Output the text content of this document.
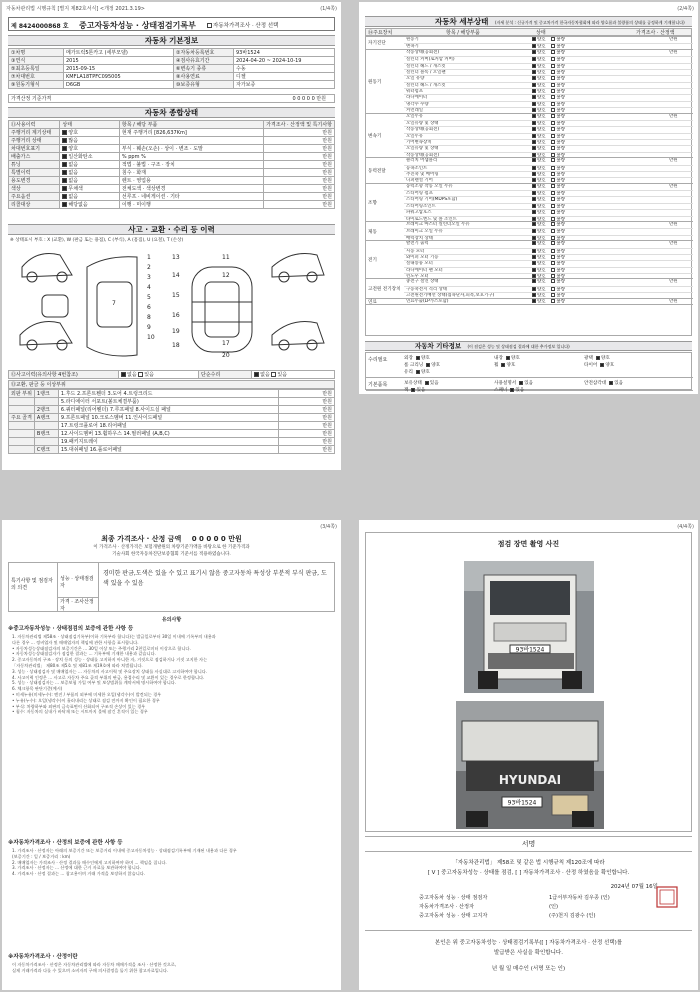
자동차관리법 시행규칙 [별지 제82호서식] <개정 2021.3.19>	(1/4쪽)
제 8424000868 호 중고자동차성능 · 상태점검기록부	자동차가격조사 · 산정 선택
자동차 기본정보
①차명	메가트럭5톤카고 (세부모델)	②자동차등록번호	93바1524
③연식	2015	④검사유효기간	2024-04-20 ~ 2024-10-19
⑤최초등록일	2015-09-15	⑥변속기 종류	수동
⑦차대번호	KMFLA18TPFC095005	⑧사용연료	디젤
⑨원동기형식	D6GB	⑩보증유형	자가보증
가격산정 기준가격	0 0 0 0 0 만원
자동차 종합상태
⑪사용이력	상태	항목 / 해당 부품	가격조사 · 산정액 및 특기사항
주행거리 계기상태	양호	현재 주행거리 [826,637Km]	만원
주행거리 상태	많음		만원
차대번호표기	양호	부식 · 훼손(오손) · 상이 · 변조 · 도말	만원
배출가스	일산화탄소	% ppm %	만원
튜닝	없음	적법 · 불법 · 구조 · 장치	만원
특별이력	없음	침수 · 화재	만원
용도변경	없음	렌트 · 영업용	만원
색상	무채색	전체도색 · 색상변경	만원
주요옵션	없음	선루프 · 네비게이션 · 기타	만원
리콜대상	해당없음	이행 · 미이행	만원
사고 · 교환 · 수리 등 이력
※ 상태표시 부호 : X (교환), W (판금 또는 용접), C (부식), A (흠집), U (요철), T (손상)
1
2
3
4
5
6
7
8
9
10
11
12
13
14
15
16
17
18
19
20
⑫사고이력(유의사항 4번참조)	없음 있음	단순수리	없음 있음
⑬교환, 판금 등 이상부위
외판 부위	1랭크	1.후드 2.프론트휀더 3.도어 4.트렁크리드	만원
		5.라디에이터 서포트(볼트체결부품)	만원
	2랭크	6.쿼터패널(리어휀더) 7.루프패널 8.사이드실 패널	만원
주요 골격	A랭크	9.프론트패널 10.크로스멤버 11.인사이드패널	만원
		17.트렁크플로어 18.리어패널	만원
	B랭크	12.사이드멤버 13.휠하우스 14.필러패널 (A,B,C)	만원
		19.패키지트레이	만원
	C랭크	15.대쉬패널 16.플로어패널	만원
(2/4쪽)
자동차 세부상태 (자세 분석 : 신규가격 및 중고차가격 한국자동차협회에 따라 양호품과 불량품의 상태를 공정하게 기재합니다)
⑭주요장치	항목 / 해당부품	상태	가격조사 · 산정액
자기진단
원동기	양호	불량	만원
변속기	양호	불량
원동기
작동상태(공회전)	양호	불량	만원
실린더 커버(로커암 커버)	양호	불량
실린더 헤드 / 개스킷	양호	불량
실린더 블록 / 오일팬	양호	불량
오일 유량	양호	불량
실린더 헤드 / 개스킷	양호	불량
워터펌프	양호	불량
라디에이터	양호	불량
냉각수 수량	양호	불량
커먼레일	양호	불량
변속기
오일누유	양호	불량	만원
오일유량 및 상태	양호	불량
작동상태(공회전)	양호	불량
오일누유	양호	불량
기어변속장치	양호	불량
오일유량 및 상태	양호	불량
작동상태(공회전)	양호	불량
동력전달
클러치 어셈블리	양호	불량	만원
등속조인트	양호	불량
추진축 및 베어링	양호	불량
디퍼렌셜 기어	양호	불량
조향
동력조향 작동 오일 누유	양호	불량	만원
스티어링 펌프	양호	불량
스티어링 기어(MDPS포함)	양호	불량
스티어링조인트	양호	불량
파워고압호스	양호	불량
타이로드엔드 및 볼 조인트	양호	불량
제동
브레이크 마스터 실린더오일 누유	양호	불량	만원
브레이크 오일 누유	양호	불량
배력장치 상태	양호	불량
전기
발전기 출력	양호	불량	만원
시동 모터	양호	불량
와이퍼 모터 기능	양호	불량
실내송풍 모터	양호	불량
라디에이터 팬 모터	양호	불량
윈도우 모터	양호	불량
고전원 전기장치
충전구 절연 상태	양호	불량	만원
구동축전지 격리 상태	양호	불량
고전원전기배선 상태(접속단자,피복,보호기구)	양호	불량
연료	연료누출(LP가스포함)	양호	불량	만원
자동차 기타정보 (이 점검은 성능 및 상태점검 결과에 대한 추가정보 입니다)
수리필요	외장 양호	내장 양호	광택 양호
룸 크리닝 양호	휠 양호	타이어 양호
유리 양호
기본품목	보유상태 있음	사용설명서 있음	안전삼각대 있음
잭 있음	스패너 있음
(3/4쪽)
최종 가격조사 · 산정 금액 0 0 0 0 0 만원
이 가격조사 · 산정가격은 보험개발원의 차량기준가액을 바탕으로 한 기준가격과
기술사회 한국자동차진단보증협회 기준서를 적용하였습니다.
특기사항 및 점검자의 의견
성능 · 상태점검자
경미한 판금,도색은 있을 수 있고 표기시 않음 중고자동차 특성상 부분적 부식 판금, 도색 있을 수 있음
가격 · 조사산정자
유의사항
※중고자동차성능 · 상태점검의 보증에 관한 사항 등
1. 자동차관리법 제58조 · 상태점검기록부(이하 기록부라 합니다)는 발급일로부터 30일 이내에 기록부의 내용과
다른 경우 ... 정비업자 및 매매업자의 책임에 관한 사항을 표시합니다.
• 자동차성능상태점검자의 보증기간은 ... 30일 이상 또는 주행거리 2천킬로미터 이상으로 합니다.
• 자동차성능상태점검자가 점검한 결과는 ... 기록부에 기재한 내용과 같습니다.
2. 중고자동차의 구조 · 장치 등의 성능 · 상태를 고지하지 아니한 자, 거짓으로 점검하거나 거짓 고지한 자는
「자동차관리법」 제80조 제5호 및 제81조 제19호에 따라 처벌됩니다.
3. 성능 · 상태점검자 및 매매업자는 ... 자동차의 사고이력 및 주요장치 상태를 사실대로 고지하여야 합니다.
4. 사고이력 인정은 ... 사고로 자동차 주요 골격 부위의 판금, 용접수리 및 교환이 있는 경우로 한정합니다.
5. 성능 · 상태점검자는 ... 보증보험 가입 여부 및 보상범위를 계약서에 명시하여야 합니다.
6. 체크항목 판단기준(예시)
• 미세누유(미세누수): 엔진 / 부품의 외부에 미세한 오일(냉각수)이 발견되는 경우
• 누유(누수): 오일(냉각수)이 흘러내리는 상태로 점검 전까지 확인이 필요한 경우
• 부식: 차량하부와 외판의 금속표면이 산화되어 구조적 손상이 있는 경우
• 침수: 자동차의 실내가 바닥재 또는 시트까지 물에 잠긴 흔적이 있는 경우
※자동차가격조사 · 산정의 보증에 관한 사항 등
1. 가격조사 · 산정자는 아래의 보증기간 또는 보증거리 이내에 중고자동차성능 · 상태점검기록부에 기재된 내용과 다른 경우
(보증기간 : 일 / 보증거리 : km)
2. 매매업자는 가격조사 · 산정 결과를 매수인에게 고지하여야 하며 ... 책임을 집니다.
3. 가격조사 · 산정자는 ... 산정에 대한 근거 자료를 보관하여야 합니다.
4. 가격조사 · 산정 결과는 ... 참고용이며 거래 가격을 보장하지 않습니다.
※자동차가격조사 · 산정이란
이 자동차가격조사 · 산정은 자동차관리법에 따라 자동차 매매가격을 조사 · 산정한 것으로,
실제 거래가격과 다를 수 있으며 소비자의 구매 의사결정을 돕기 위한 참고자료입니다.
(4/4쪽)
점검 장면 촬영 사진
93바1524
HYUNDAI
93바1524
서명
「자동차관리법」 제58조 및 같은 법 시행규칙 제120조에 따라
[ V ] 중고자동차성능 · 상태를 점검, [ ] 자동차가격조사 · 산정 하였음을 확인합니다.
2024년 07월 16일
중고자동차 성능 · 상태 점검자	1급서부자동차 김우종 (인)
자동차가격조사 · 산정자	(인)
중고자동차 성능 · 상태 고지자	(주)천지 김광수 (인)
본인은 위 중고자동차성능 · 상태점검기록부([ ] 자동차가격조사 · 산정 선택)를
발급받은 사실을 확인합니다.
년 월 일 매수인 (서명 또는 인)
